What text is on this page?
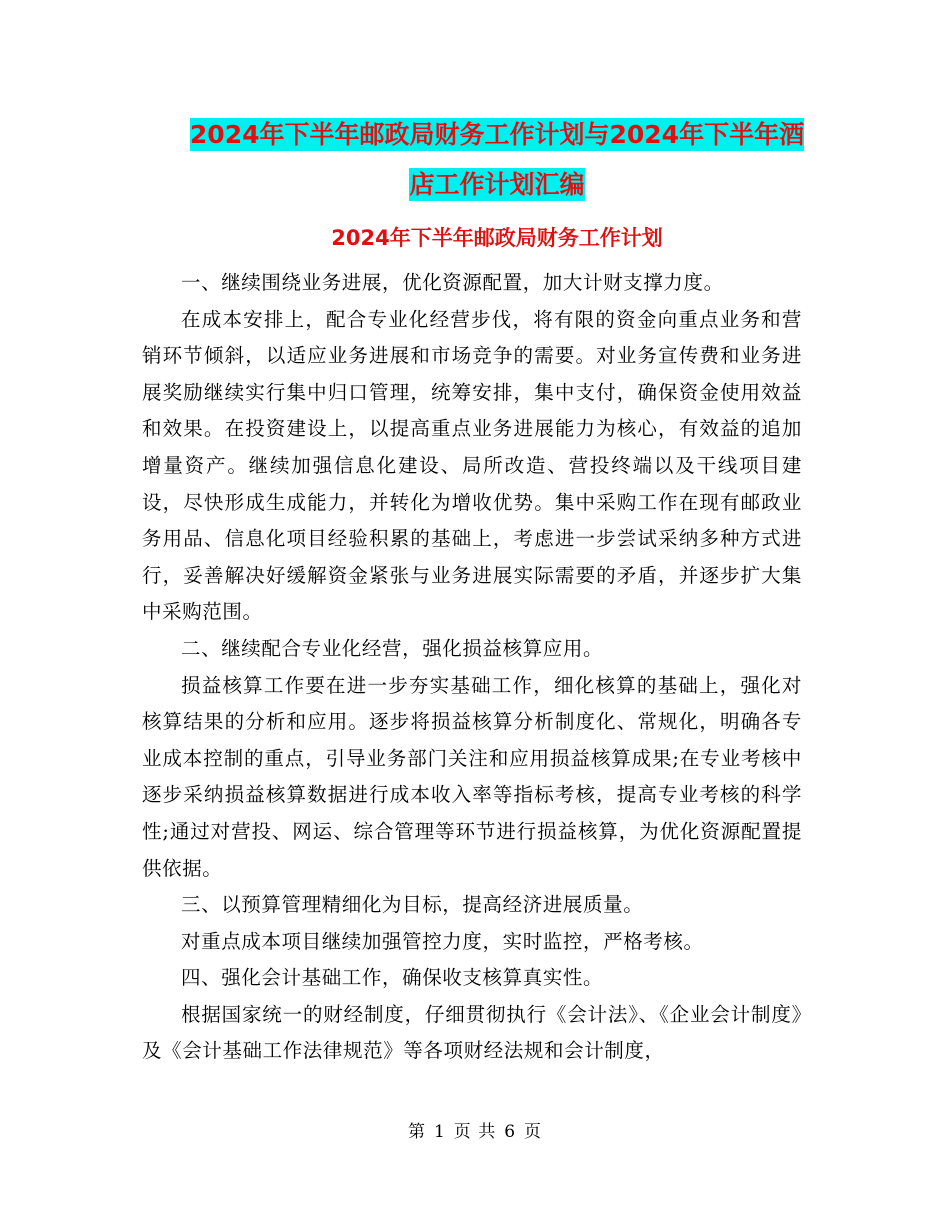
2024年下半年邮政局财务工作计划与2024年下半年酒
店工作计划汇编
2024年下半年邮政局财务工作计划

一、继续围绕业务进展，优化资源配置，加大计财支撑力度。

在成本安排上，配合专业化经营步伐，将有限的资金向重点业务和营销环节倾斜，以适应业务进展和市场竞争的需要。对业务宣传费和业务进展奖励继续实行集中归口管理，统筹安排，集中支付，确保资金使用效益和效果。在投资建设上，以提高重点业务进展能力为核心，有效益的追加增量资产。继续加强信息化建设、局所改造、营投终端以及干线项目建设，尽快形成生成能力，并转化为增收优势。集中采购工作在现有邮政业务用品、信息化项目经验积累的基础上，考虑进一步尝试采纳多种方式进行，妥善解决好缓解资金紧张与业务进展实际需要的矛盾，并逐步扩大集中采购范围。

二、继续配合专业化经营，强化损益核算应用。

损益核算工作要在进一步夯实基础工作，细化核算的基础上，强化对核算结果的分析和应用。逐步将损益核算分析制度化、常规化，明确各专业成本控制的重点，引导业务部门关注和应用损益核算成果;在专业考核中逐步采纳损益核算数据进行成本收入率等指标考核，提高专业考核的科学性;通过对营投、网运、综合管理等环节进行损益核算，为优化资源配置提供依据。

三、以预算管理精细化为目标，提高经济进展质量。

对重点成本项目继续加强管控力度，实时监控，严格考核。

四、强化会计基础工作，确保收支核算真实性。

根据国家统一的财经制度，仔细贯彻执行《会计法》、《企业会计制度》及《会计基础工作法律规范》等各项财经法规和会计制度，

第 1 页 共 6 页
